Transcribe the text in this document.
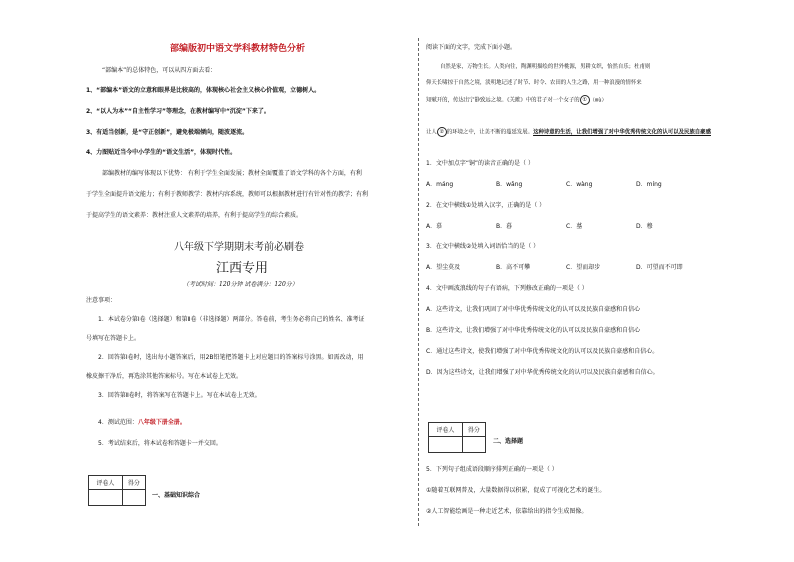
部编版初中语文学科教材特色分析
“部编本”的总体特色，可以从四方面去看：
1、“部编本”语文的立意和眼界是比较高的，体现核心社会主义核心价值观，立德树人。
2、“以人为本”“自主性学习”等理念，在教材编写中“沉淀”下来了。
3、有适当创新，是“守正创新”，避免极端倾向，随波逐流。
4、力图贴近当今中小学生的“语文生活”，体现时代性。
部编教材的编写体现以下优势： 有利于学生全面发展；教材全面覆盖了语文学科的各个方面，有利
于学生全面提升语文能力；有利于教师教学：教材内容系统，教师可以根据教材进行有针对性的教学；有利
于提高学生的语文素养：教材注重人文素养的培养，有利于提高学生的综合素质。
八年级下学期期末考前必刷卷
江西专用
（考试时间：120分钟 试卷满分：120分）
注意事项：
1．本试卷分第Ⅰ卷（选择题）和第Ⅱ卷（非选择题）两部分。答卷前，考生务必将自己的姓名、准考证
号填写在答题卡上。
2．回答第Ⅰ卷时，选出每小题答案后，用2B铅笔把答题卡上对应题目的答案标号涂黑。如需改动，用
橡皮擦干净后，再选涂其他答案标号。写在本试卷上无效。
3．回答第Ⅱ卷时，将答案写在答题卡上。写在本试卷上无效。
4．测试范围：八年级下册全册。
5．考试结束后，将本试卷和答题卡一并交回。
评卷人	得分

一、基础知识综合
阅读下面的文字，完成下面小题。
自然是家，万物生长。人类向往，陶渊明描绘的世外桃源，男耕女织，怡然自乐；杜甫则
仰天长啸掠于自然之境，淡明地记述了时节、时令、农田的人生之路，用一种浪漫的情怀来
知赋开的，传达出宁静致远之境。《关雎》中的君子对一个女子的 ① （mù）
让人 ② 的环境之中，让美不断的蔓延发展。这种诗意的生活，让我们增强了对中华优秀传统文化的认可以及民族自豪感
1．文中加点字“铜”的读音正确的是（ ）
A．máng	B．wǎng	C．wàng	D．míng
2．在文中横线①处填入汉字，正确的是（ ）
A．慕	B．暮	C．墓	D．穆
3．在文中横线②处填入词语恰当的是（ ）
A．望尘莫及	B．高不可攀	C．望而却步	D．可望而不可即
4．文中画波浪线的句子有语病，下列修改正确的一项是（ ）
A．这些诗文，让我们巩固了对中华优秀传统文化的认可以及民族自豪感和自信心
B．这些诗文，让我们增强了对中华优秀传统文化的认可以及民族自豪感和自信心
C．通过这些诗文，使我们增强了对中华优秀传统文化的认可以及民族自豪感和自信心。
D．因为这些诗文，让我们增强了对中华优秀传统文化的认可以及民族自豪感和自信心。
评卷人	得分

二、选择题
5．下列句子组成语段顺序排列正确的一项是（ ）
①随着互联网普及，大量数据得以积累，促成了可视化艺术的诞生。
②人工智能绘画是一种走近艺术，依靠给出的指令生成图像。
